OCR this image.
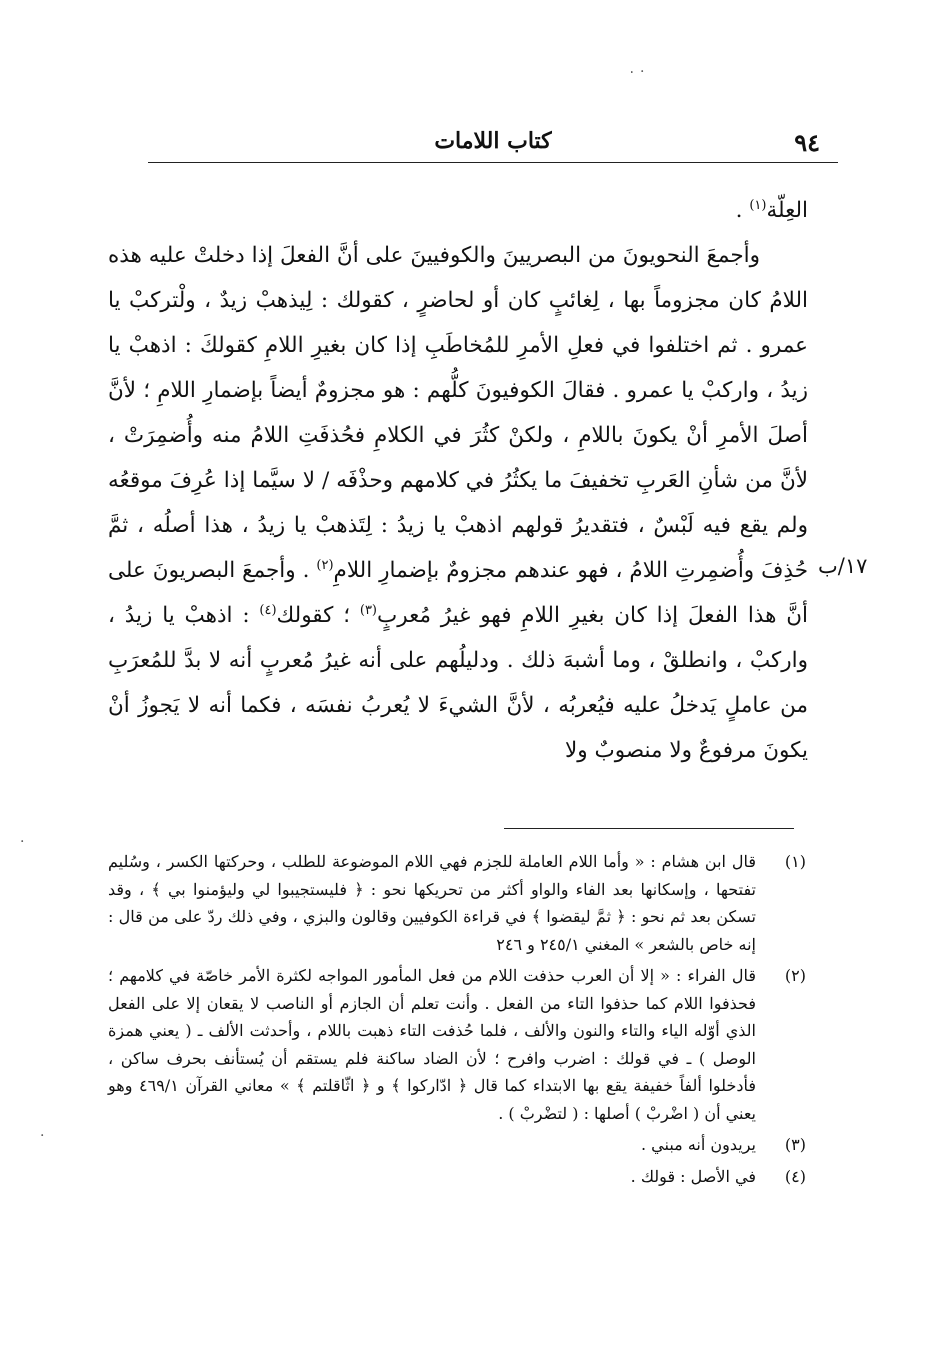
٠ ·
·
·
٩٤
كتاب اللامات
١٧/ب

العِلّة$^{(١)}$ .

وأجمعَ النحويونَ من البصريينَ والكوفيينَ على أنَّ الفعلَ إذا دخلتْ عليه هذه اللامُ كان مجزوماً بها ، لِغائبٍ كان أو لحاضرٍ ، كقولك : لِيذهبْ زيدٌ ، ولْتركبْ يا عمرو . ثم اختلفوا في فعلِ الأمرِ للمُخاطَبِ إذا كان بغيرِ اللامِ كقولكَ : اذهبْ يا زيدُ ، واركبْ يا عمرو . فقالَ الكوفيونَ كلُّهم : هو مجزومٌ أيضاً بإضمارِ اللامِ ؛ لأنَّ أصلَ الأمرِ أنْ يكونَ باللامِ ، ولكنْ كثُرَ في الكلامِ فحُذفَتِ اللامُ منه وأُضمِرَتْ ، لأنَّ من شأنِ العَربِ تخفيفَ ما يكثُرُ في كلامهم وحذْفَه / لا سيَّما إذا عُرِفَ موقعُه ولم يقع فيه لَبْسٌ ، فتقديرُ قولهم اذهبْ يا زيدُ : لِتَذهبْ يا زيدُ ، هذا أصلُه ، ثمَّ حُذِفَ وأُضمِرتِ اللامُ ، فهو عندهم مجزومٌ بإضمارِ اللامِ$^{(٢)}$ . وأجمعَ البصريونَ على أنَّ هذا الفعلَ إذا كان بغيرِ اللامِ فهو غيرُ مُعربٍ$^{(٣)}$ ؛ كقولك$^{(٤)}$ : اذهبْ يا زيدُ ، واركبْ ، وانطلقْ ، وما أشبهَ ذلك . ودليلُهم على أنه غيرُ مُعربٍ أنه لا بدَّ للمُعرَبِ من عاملٍ يَدخلُ عليه فيُعربُه ، لأنَّ الشيءَ لا يُعربُ نفسَه ، فكما أنه لا يَجوزُ أنْ يكونَ مرفوعٌ ولا منصوبٌ ولا

(١)
قال ابن هشام : « وأما اللام العاملة للجزم فهي اللام الموضوعة للطلب ، وحركتها الكسر ، وسُليم تفتحها ، وإسكانها بعد الفاء والواو أكثر من تحريكها نحو : ﴿ فليستجيبوا لي وليؤمنوا بي ﴾ ، وقد تسكن بعد ثم نحو : ﴿ ثمَّ ليقضوا ﴾ في قراءة الكوفيين وقالون والبزي ، وفي ذلك ردّ على من قال : إنه خاص بالشعر » المغني ٢٤٥/١ و ٢٤٦
(٢)
قال الفراء : « إلا أن العرب حذفت اللام من فعل المأمور المواجه لكثرة الأمر خاصّة في كلامهم ؛ فحذفوا اللام كما حذفوا التاء من الفعل . وأنت تعلم أن الجازم أو الناصب لا يقعان إلا على الفعل الذي أوّله الياء والتاء والنون والألف ، فلما حُذفت التاء ذهبت باللام ، وأحدثت الألف ـ ( يعني همزة الوصل ) ـ في قولك : اضرب وافرح ؛ لأن الضاد ساكنة فلم يستقم أن يُستأنف بحرف ساكن ، فأدخلوا ألفاً خفيفة يقع بها الابتداء كما قال ﴿ ادّاركوا ﴾ و ﴿ اثّاقلتم ﴾ » معاني القرآن ٤٦٩/١ وهو يعني أن ( اضْربْ ) أصلها : ( لتضْربْ ) .
(٣)
يريدون أنه مبني .
(٤)
في الأصل : قولك .
